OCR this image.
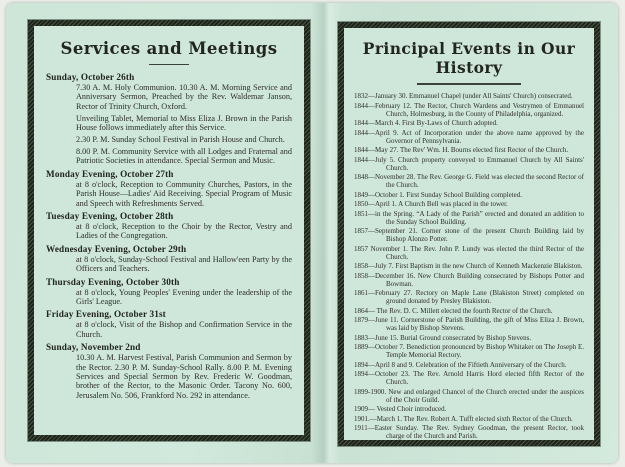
Services and Meetings
Sunday, October 26th

7.30 A. M. Holy Communion. 10.30 A. M. Morning Service and Anniversary Sermon, Preached by the Rev. Waldemar Janson, Rector of Trinity Church, Oxford.

Unveiling Tablet, Memorial to Miss Eliza J. Brown in the Parish House follows immediately after this Service.

2.30 P. M. Sunday School Festival in Parish House and Church.

8.00 P. M. Community Service with all Lodges and Fraternal and Patriotic Societies in attendance. Special Sermon and Music.

Monday Evening, October 27th

at 8 o'clock, Reception to Community Churches, Pastors, in the Parish House—Ladies' Aid Receiving. Special Program of Music and Speech with Refreshments Served.

Tuesday Evening, October 28th

at 8 o'clock, Reception to the Choir by the Rector, Vestry and Ladies of the Congregation.

Wednesday Evening, October 29th

at 8 o'clock, Sunday-School Festival and Hallow'een Party by the Officers and Teachers.

Thursday Evening, October 30th

at 8 o'clock, Young Peoples' Evening under the leadership of the Girls' League.

Friday Evening, October 31st

at 8 o'clock, Visit of the Bishop and Confirmation Service in the Church.

Sunday, November 2nd

10.30 A. M. Harvest Festival, Parish Communion and Sermon by the Rector. 2.30 P. M. Sunday-School Rally. 8.00 P. M. Evening Services and Special Sermon by Rev. Frederic W. Goodman, brother of the Rector, to the Masonic Order. Tacony No. 600, Jerusalem No. 506, Frankford No. 292 in attendance.

Principal Events in Our History

1832—January 30. Emmanuel Chapel (under All Saints' Church) consecrated.

1844—February 12. The Rector, Church Wardens and Vestrymen of Emmanuel Church, Holmesburg, in the County of Philadelphia, organized.

1844—March 4. First By-Laws of Church adopted.

1844—April 9. Act of Incorporation under the above name approved by the Governor of Pennsylvania.

1844—May 27. The Rev' Wm. H. Bourns elected first Rector of the Church.

1844—July 5. Church property conveyed to Emmanuel Church by All Saints' Church.

1848—November 28. The Rev. George G. Field was elected the second Rector of the Church.

1849—October 1. First Sunday School Building completed.

1850—April 1. A Church Bell was placed in the tower.

1851—in the Spring. “A Lady of the Parish” erected and donated an addition to the Sunday School Building.

1857—September 21. Corner stone of the present Church Building laid by Bishop Alonzo Potter.

1857 November 1. The Rev. John P. Lundy was elected the third Rector of the Church.

1858—July 7. First Baptism in the new Church of Kenneth Mackenzie Blakiston.

1858—December 16. New Church Building consecrated by Bishops Potter and Bowman.

1861—February 27. Rectory on Maple Lane (Blakiston Street) completed on ground donated by Presley Blakiston.

1864— The Rev. D. C. Millett elected the fourth Rector of the Church.

1879—June 11. Cornerstone of Parish Building, the gift of Miss Eliza J. Brown, was laid by Bishop Stevens.

1883—June 15. Burial Ground consecrated by Bishop Stevens.

1889—October 7. Benediction pronounced by Bishop Whitaker on The Joseph E. Temple Memorial Rectory.

1894—April 8 and 9. Celebration of the Fiftieth Anniversary of the Church.

1894—October 23. The Rev. Arnold Harris Hord elected fifth Rector of the Church.

1899-1900. New and enlarged Chancel of the Church erected under the auspices of the Choir Guild.

1909— Vested Choir introduced.

1901.—March 1. The Rev. Robert A. Tufft elected sixth Rector of the Church.

1911—Easter Sunday. The Rev. Sydney Goodman, the present Rector, took charge of the Church and Parish.
